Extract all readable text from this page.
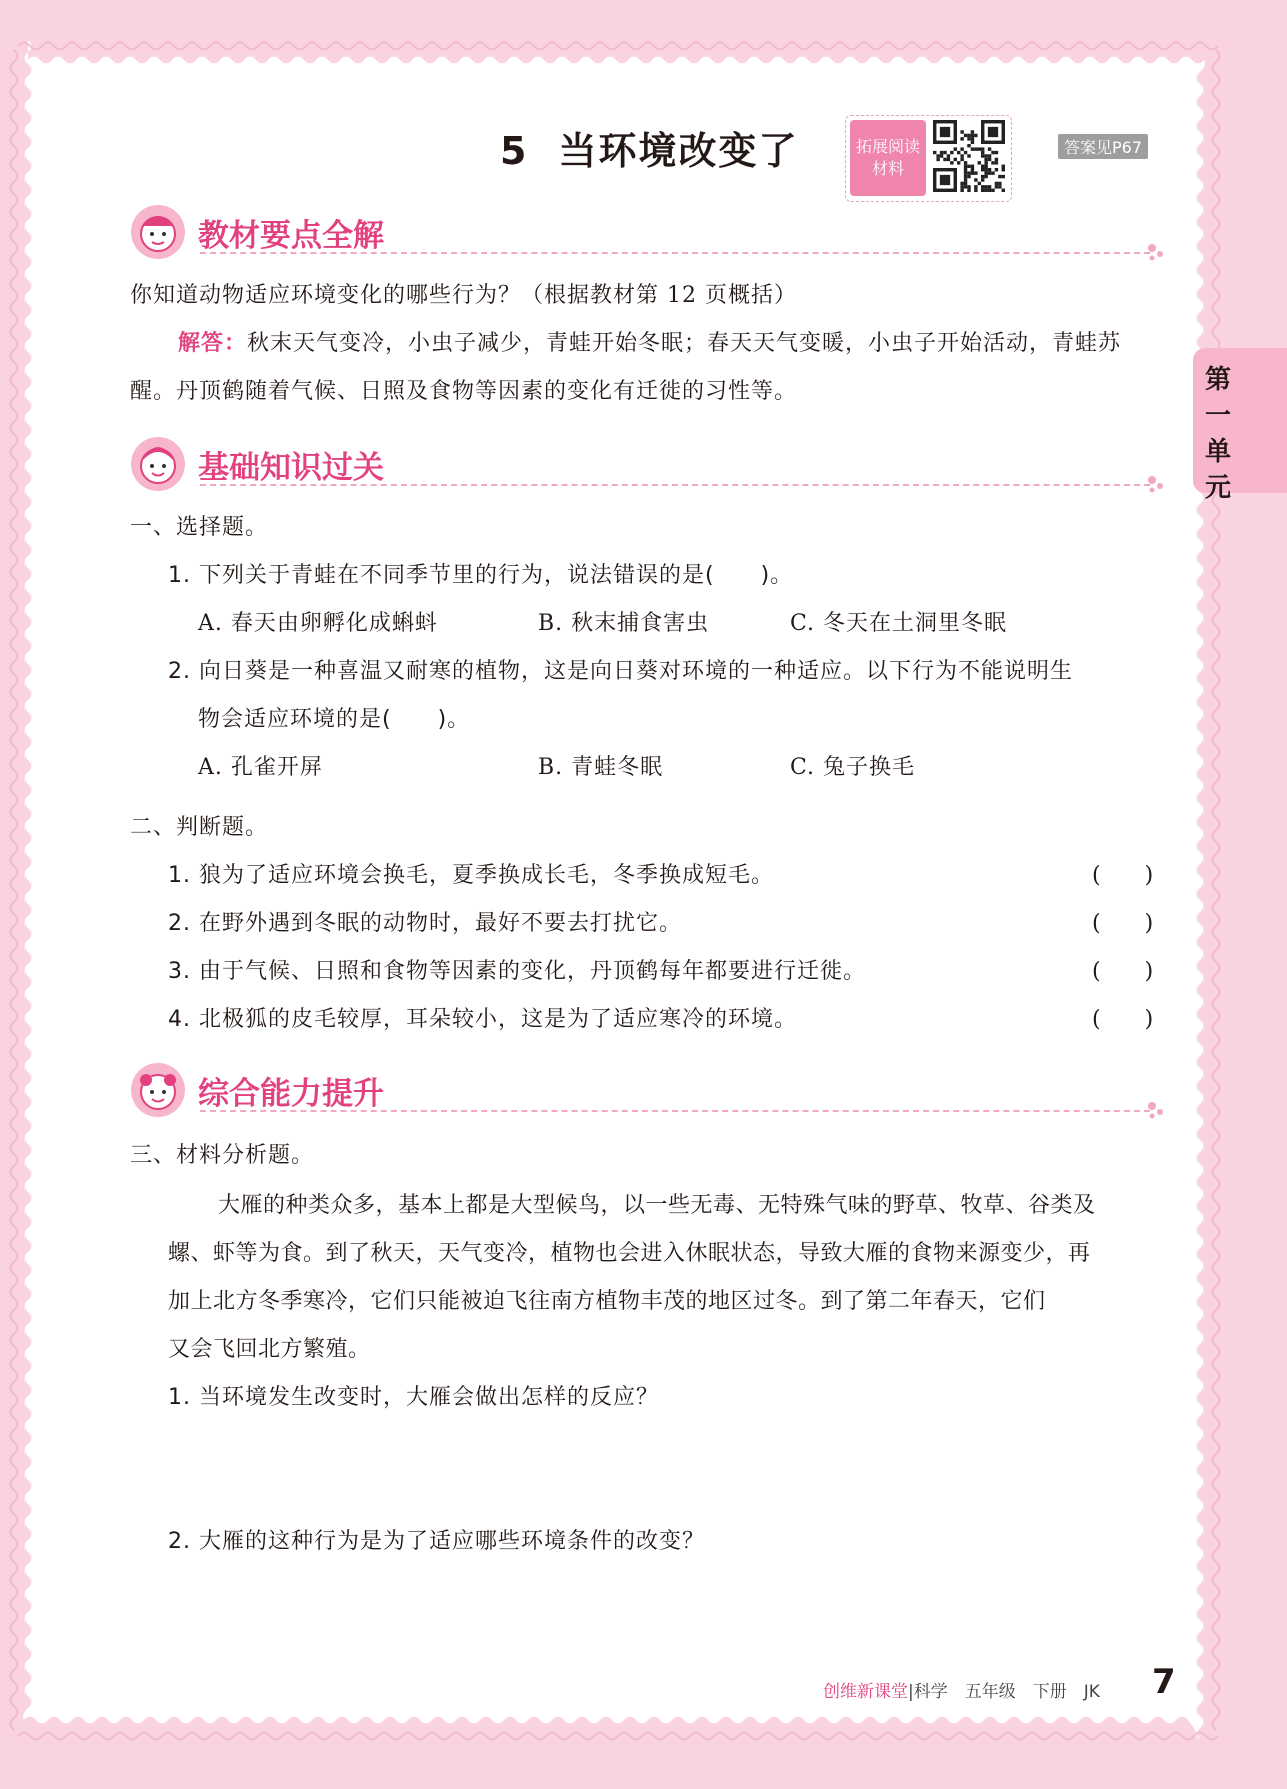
5 当环境改变了	拓展阅读材料
答案见P67
第一单元
教材要点全解
你知道动物适应环境变化的哪些行为？（根据教材第 12 页概括）
解答：秋末天气变冷，小虫子减少，青蛙开始冬眠；春天天气变暖，小虫子开始活动，青蛙苏
醒。丹顶鹤随着气候、日照及食物等因素的变化有迁徙的习性等。
基础知识过关
一、选择题。
1. 下列关于青蛙在不同季节里的行为，说法错误的是(　　)。
A. 春天由卵孵化成蝌蚪	B. 秋末捕食害虫	C. 冬天在土洞里冬眠
2. 向日葵是一种喜温又耐寒的植物，这是向日葵对环境的一种适应。以下行为不能说明生
物会适应环境的是(　　)。
A. 孔雀开屏	B. 青蛙冬眠	C. 兔子换毛
二、判断题。
1. 狼为了适应环境会换毛，夏季换成长毛，冬季换成短毛。	(　　)
2. 在野外遇到冬眠的动物时，最好不要去打扰它。	(　　)
3. 由于气候、日照和食物等因素的变化，丹顶鹤每年都要进行迁徙。	(　　)
4. 北极狐的皮毛较厚，耳朵较小，这是为了适应寒冷的环境。	(　　)
综合能力提升
三、材料分析题。
大雁的种类众多，基本上都是大型候鸟，以一些无毒、无特殊气味的野草、牧草、谷类及
螺、虾等为食。到了秋天，天气变冷，植物也会进入休眠状态，导致大雁的食物来源变少，再
加上北方冬季寒冷，它们只能被迫飞往南方植物丰茂的地区过冬。到了第二年春天，它们
又会飞回北方繁殖。
1. 当环境发生改变时，大雁会做出怎样的反应？
2. 大雁的这种行为是为了适应哪些环境条件的改变？
创维新课堂|科学　五年级　下册　JK 7
